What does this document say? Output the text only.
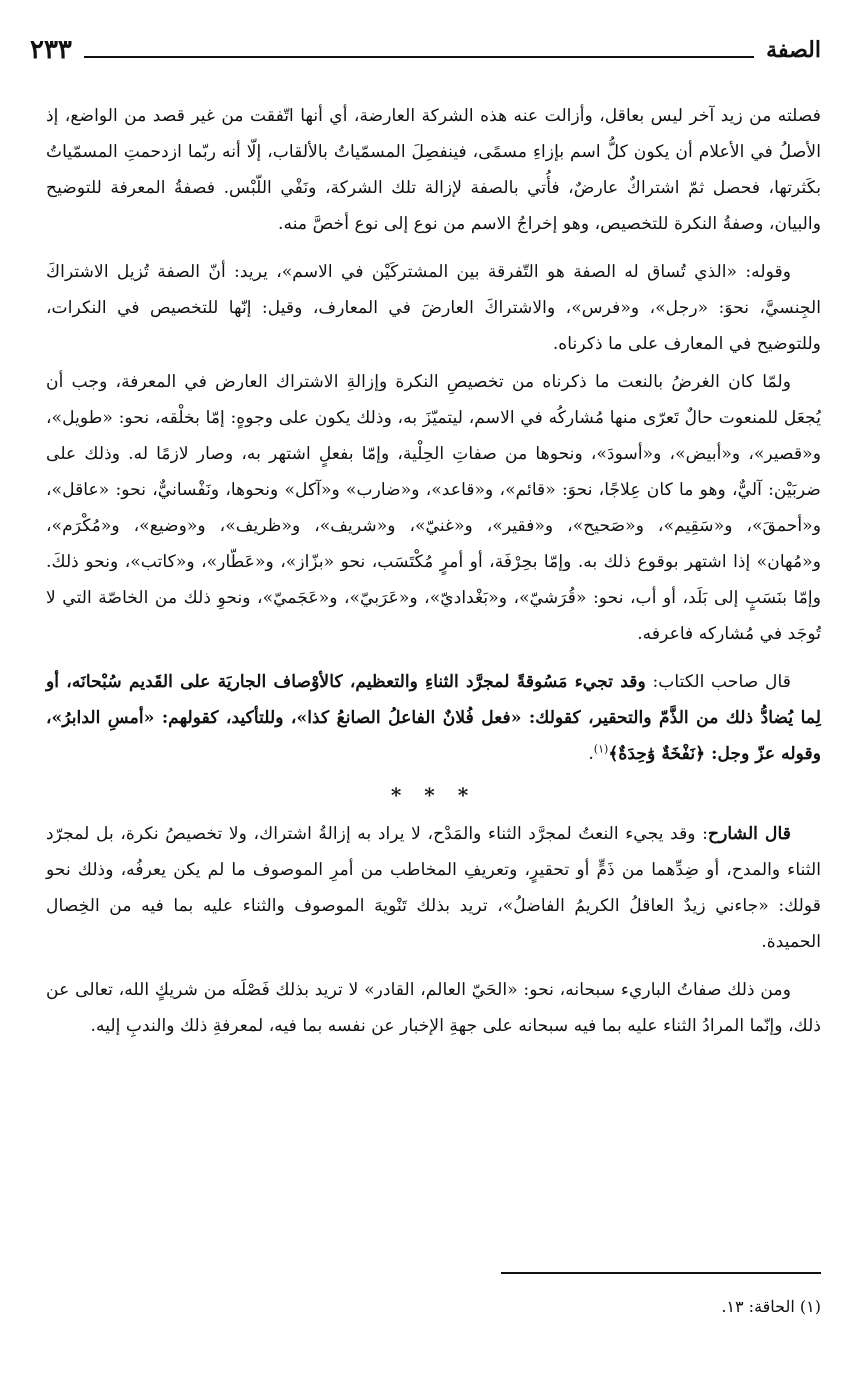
الصفة
٢٣٣

فصلته من زيد آخر ليس بعاقل، وأزالت عنه هذه الشركة العارضة، أي أنها اتّفقت من غير قصد من الواضع، إذ الأصلُ في الأعلام أن يكون كلُّ اسم بإزاءِ مسمًى، فينفصِلَ المسمّياتُ بالألقاب، إلّا أنه ربّما ازدحمتِ المسمّياتُ بكَثرتها، فحصل ثمّ اشتراكٌ عارضٌ، فأُتي بالصفة لإزالة تلك الشركة، ونَفْي اللّبْس. فصفةُ المعرفة للتوضيح والبيان، وصفةُ النكرة للتخصيص، وهو إخراجُ الاسم من نوع إلى نوع أخصَّ منه.

وقوله: «الذي تُساق له الصفة هو التّفرقة بين المشتركَيْن في الاسم»، يريد: أنّ الصفة تُزيل الاشتراكَ الجِنسيَّ، نحوَ: «رجل»، و«فرس»، والاشتراكَ العارضَ في المعارف، وقيل: إنّها للتخصيص في النكرات، وللتوضيح في المعارف على ما ذكرناه.

ولمّا كان الغرضُ بالنعت ما ذكرناه من تخصيصِ النكرة وإزالةِ الاشتراك العارض في المعرفة، وجب أن يُجعَل للمنعوت حالٌ تَعرّى منها مُشاركُه في الاسم، ليتميّزَ به، وذلك يكون على وجوهٍ: إمّا بخلْقه، نحو: «طويل»، و«قصير»، و«أبيض»، و«أسودَ»، ونحوها من صفاتِ الحِلْية، وإمّا بفعلٍ اشتهر به، وصار لازمًا له. وذلك على ضربَيْن: آليٌّ، وهو ما كان عِلاجًا، نحوَ: «قائم»، و«قاعد»، و«ضارب» و«آكل» ونحوها، ونَفْسانيٌّ، نحو: «عاقل»، و«أحمقَ»، و«سَقِيم»، و«صَحيح»، و«فقير»، و«غنيّ»، و«شريف»، و«ظريف»، و«وضيع»، و«مُكْرَم»، و«مُهان» إذا اشتهر بوقوع ذلك به. وإمّا بحِرْفَة، أو أمرٍ مُكْتَسَب، نحو «بزّاز»، و«عَطّار»، و«كاتب»، ونحو ذلكَ. وإمّا بنَسَبٍ إلى بَلَد، أو أب، نحو: «قُرَشيّ»، و«بَغْداديّ»، و«عَرَبيّ»، و«عَجَميّ»، ونحوِ ذلك من الخاصّة التي لا تُوجَد في مُشاركه فاعرفه.

قال صاحب الكتاب: وقد تجيء مَسُوقةً لمجرَّد الثناءِ والتعظيم، كالأوْصاف الجاريَة على القَديم سُبْحانَه، أو لِما يُضادُّ ذلك من الذَّمّ والتحقير، كقولك: «فعل فُلانٌ الفاعلُ الصانعُ كذا»، وللتأكيد، كقولهم: «أمسِ الدابرُ»، وقوله عزّ وجل: ﴿نَفْخَةٌ وَٰحِدَةٌ﴾$^{(١)}$.

* * *

قال الشارح: وقد يجيء النعتُ لمجرَّد الثناء والمَدْح، لا يراد به إزالةُ اشتراك، ولا تخصيصُ نكرة، بل لمجرّد الثناء والمدح، أو ضِدِّهما من ذَمٍّ أو تحقيرٍ، وتعريفِ المخاطب من أمرِ الموصوف ما لم يكن يعرفُه، وذلك نحو قولك: «جاءني زيدٌ العاقلُ الكريمُ الفاضلُ»، تريد بذلك تَنْويهَ الموصوف والثناء عليه بما فيه من الخِصال الحميدة.

ومن ذلك صفاتُ الباريء سبحانه، نحو: «الحَيّ العالم، القادر» لا تريد بذلك فَصْلَه من شريكٍ الله، تعالى عن ذلك، وإنّما المرادُ الثناء عليه بما فيه سبحانه على جهةِ الإخبار عن نفسه بما فيه، لمعرفةِ ذلك والندبِ إليه.

(١) الحاقة: ١٣.
